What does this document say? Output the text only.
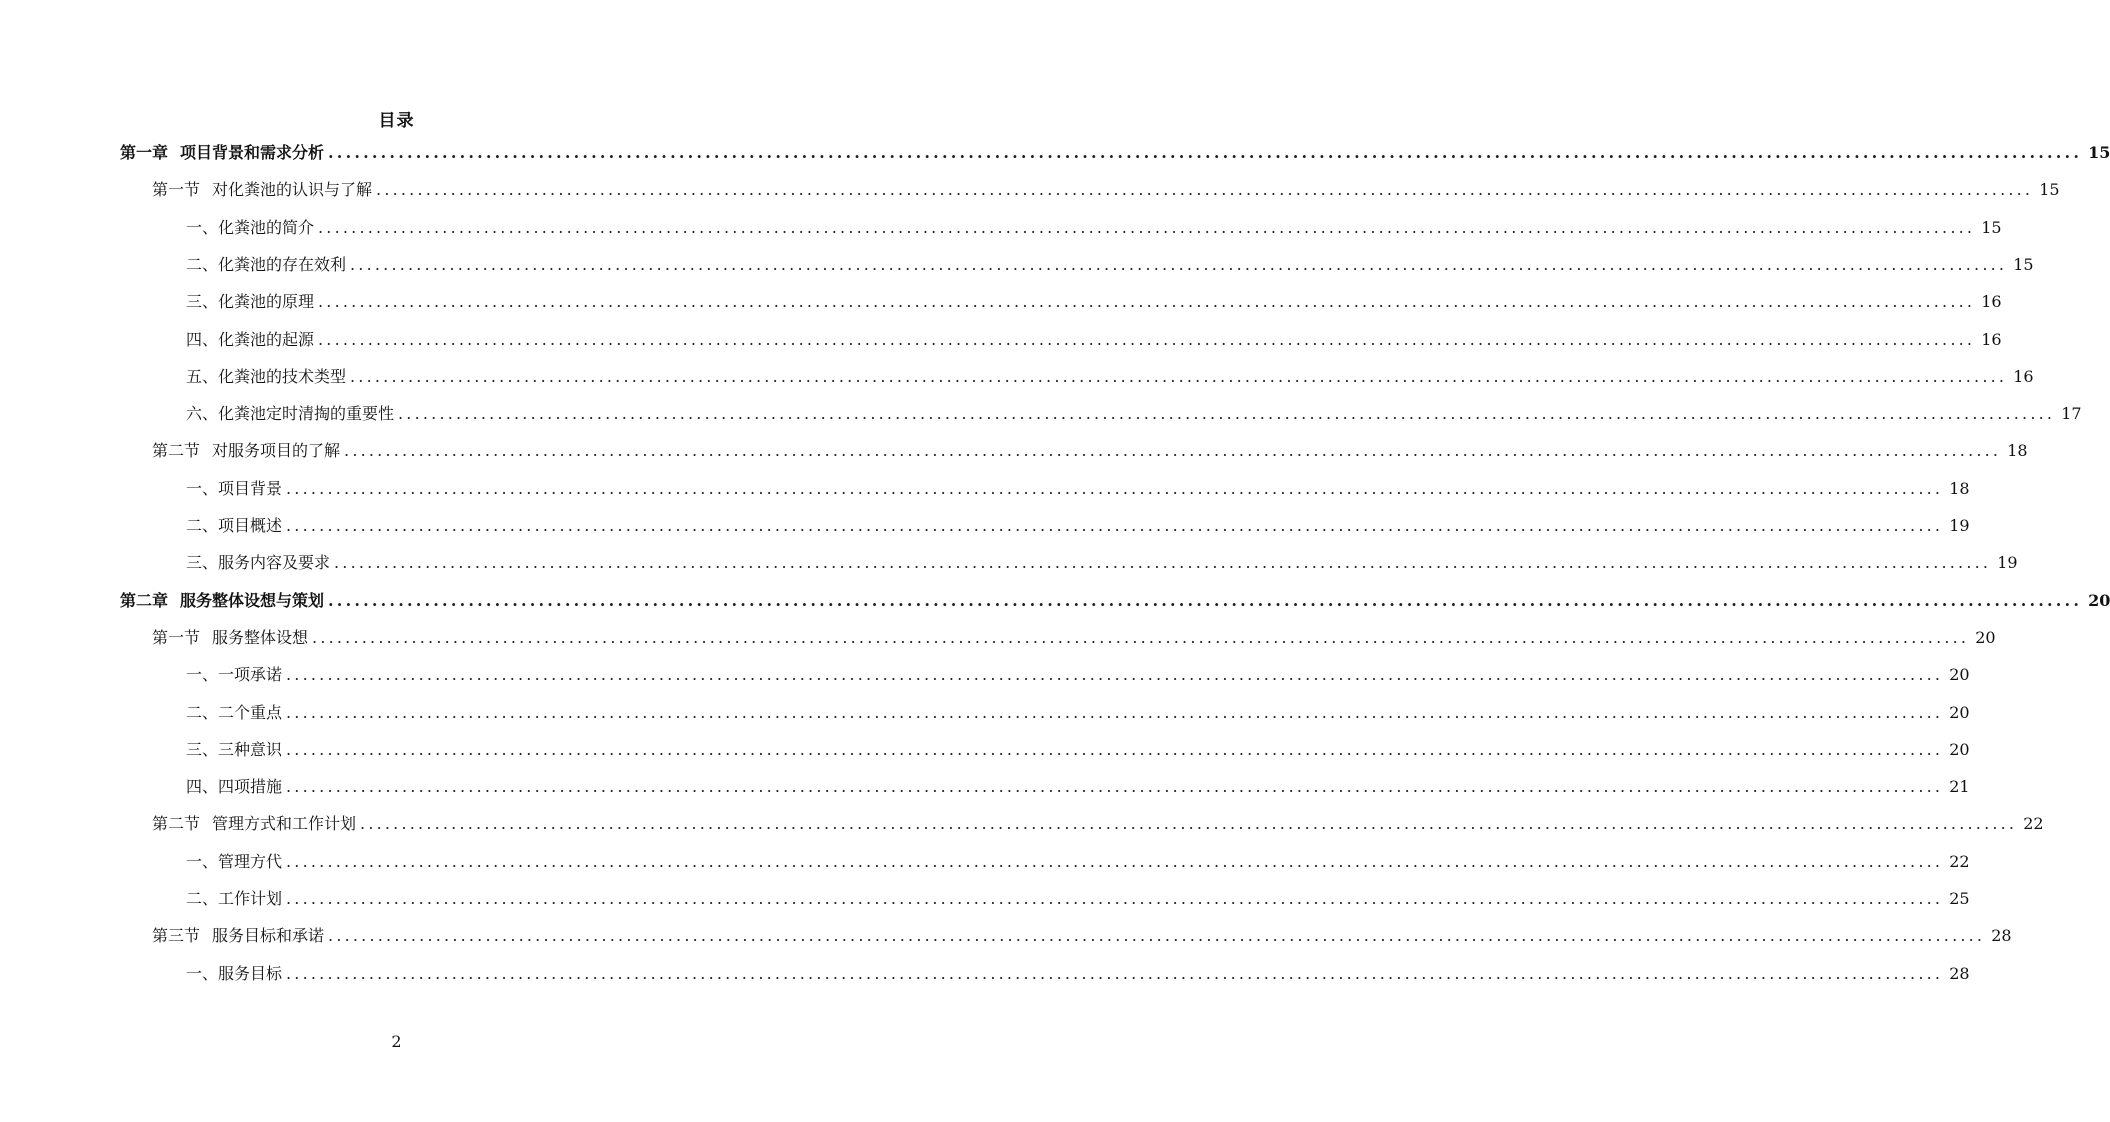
目录
第一章 项目背景和需求分析 ........................................................................................................................................................................................................ 15
第一节 对化粪池的认识与了解 ........................................................................................................................................................................................................ 15
一、化粪池的简介 ........................................................................................................................................................................................................ 15
二、化粪池的存在效利 ........................................................................................................................................................................................................ 15
三、化粪池的原理 ........................................................................................................................................................................................................ 16
四、化粪池的起源 ........................................................................................................................................................................................................ 16
五、化粪池的技术类型 ........................................................................................................................................................................................................ 16
六、化粪池定时清掏的重要性 ........................................................................................................................................................................................................ 17
第二节 对服务项目的了解 ........................................................................................................................................................................................................ 18
一、项目背景 ........................................................................................................................................................................................................ 18
二、项目概述 ........................................................................................................................................................................................................ 19
三、服务内容及要求 ........................................................................................................................................................................................................ 19
第二章 服务整体设想与策划 ........................................................................................................................................................................................................ 20
第一节 服务整体设想 ........................................................................................................................................................................................................ 20
一、一项承诺 ........................................................................................................................................................................................................ 20
二、二个重点 ........................................................................................................................................................................................................ 20
三、三种意识 ........................................................................................................................................................................................................ 20
四、四项措施 ........................................................................................................................................................................................................ 21
第二节 管理方式和工作计划 ........................................................................................................................................................................................................ 22
一、管理方代 ........................................................................................................................................................................................................ 22
二、工作计划 ........................................................................................................................................................................................................ 25
第三节 服务目标和承诺 ........................................................................................................................................................................................................ 28
一、服务目标 ........................................................................................................................................................................................................ 28
2
